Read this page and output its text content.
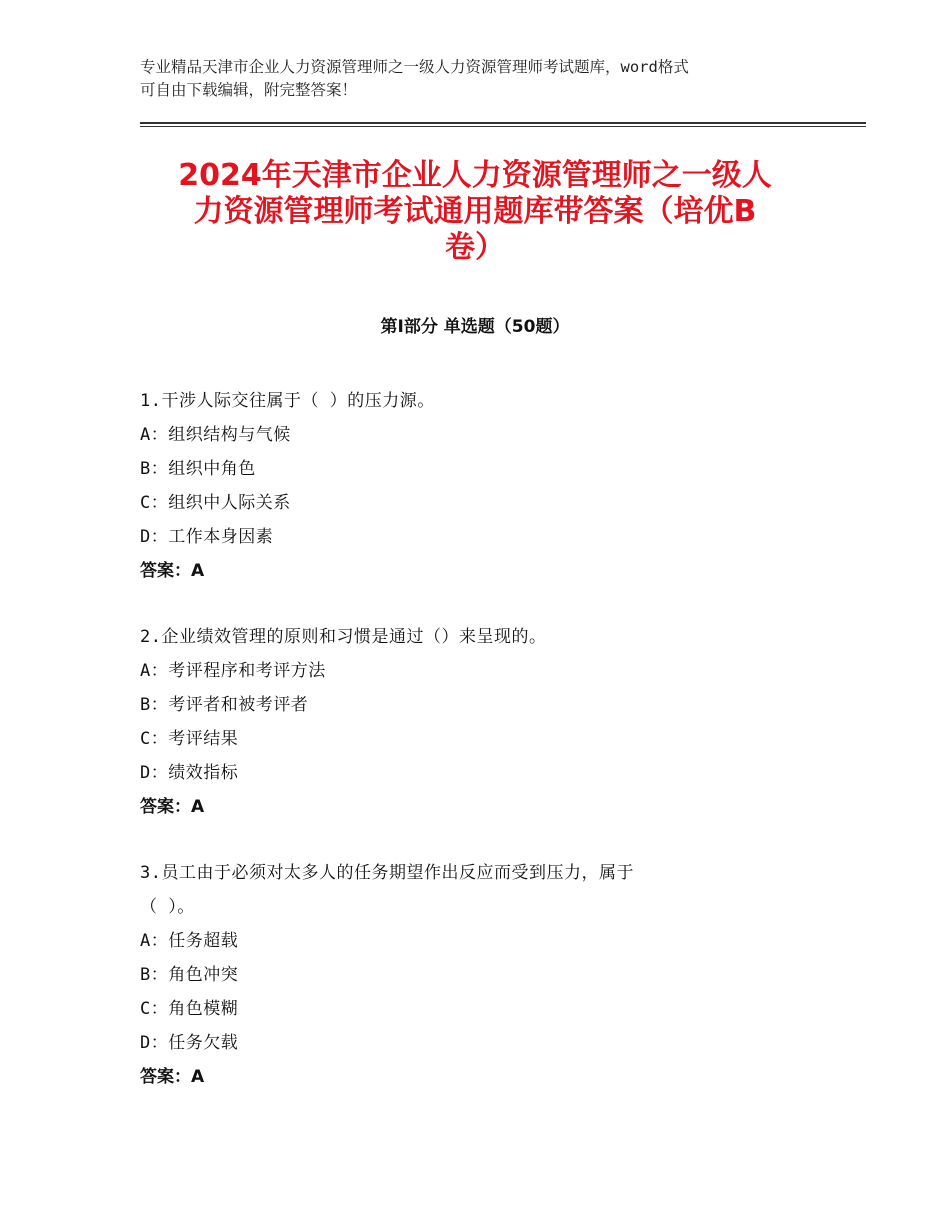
专业精品天津市企业人力资源管理师之一级人力资源管理师考试题库，word格式
可自由下载编辑，附完整答案！
2024年天津市企业人力资源管理师之一级人
力资源管理师考试通用题库带答案（培优B
卷）
第Ⅰ部分 单选题（50题）
1.干涉人际交往属于（ ）的压力源。
A：组织结构与气候
B：组织中角色
C：组织中人际关系
D：工作本身因素
答案：A
2.企业绩效管理的原则和习惯是通过（）来呈现的。
A：考评程序和考评方法
B：考评者和被考评者
C：考评结果
D：绩效指标
答案：A
3.员工由于必须对太多人的任务期望作出反应而受到压力，属于
（ ）。
A：任务超载
B：角色冲突
C：角色模糊
D：任务欠载
答案：A
